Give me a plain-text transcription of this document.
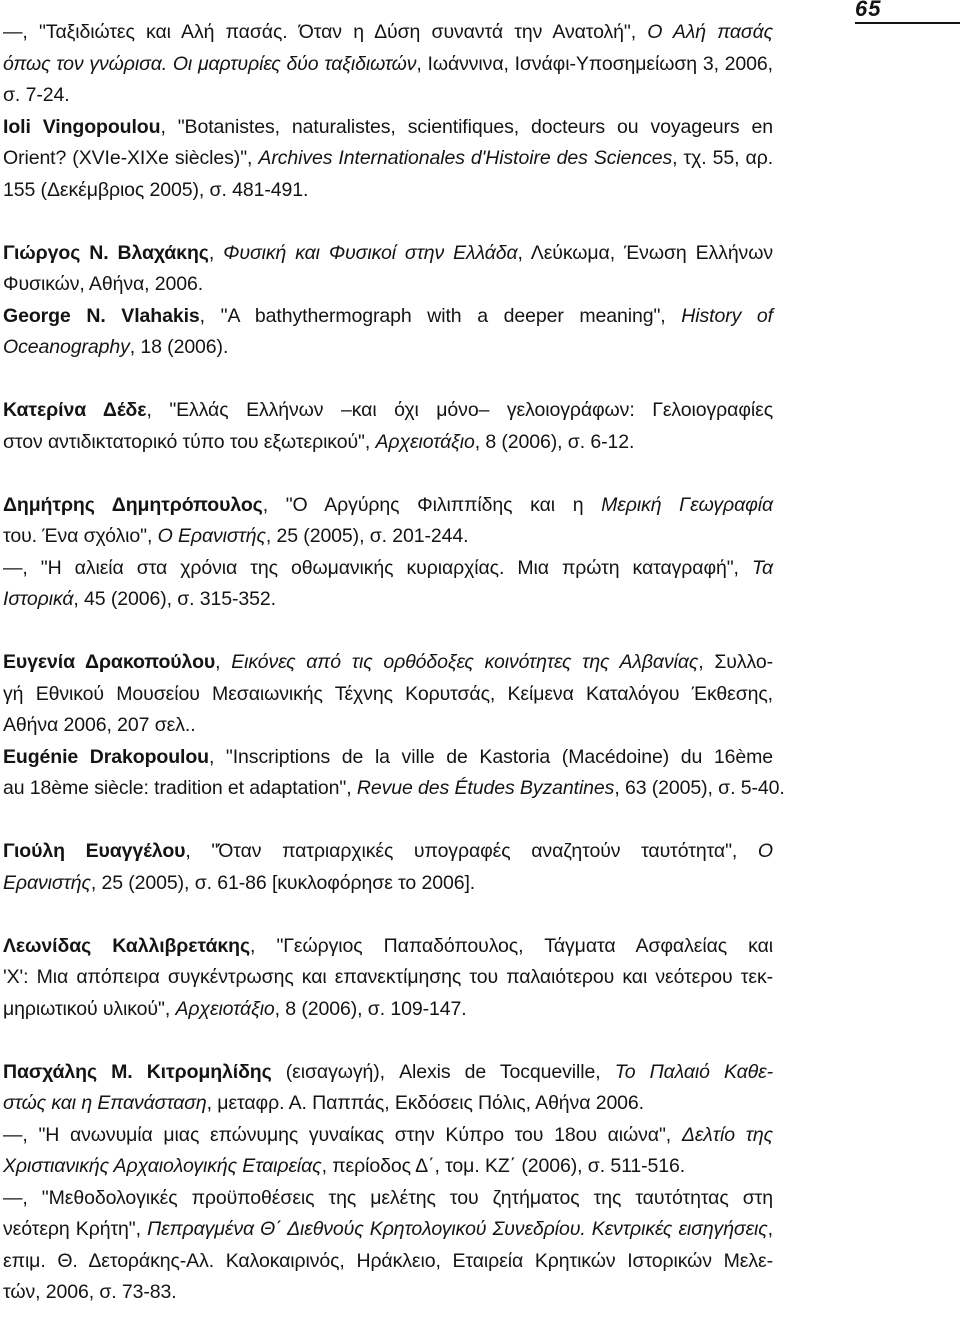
65
—, "Ταξιδιώτες και Αλή πασάς. Όταν η Δύση συναντά την Ανατολή", Ο Αλή πασάς
όπως τον γνώρισα. Οι μαρτυρίες δύο ταξιδιωτών, Ιωάννινα, Ισνάφι-Υποσημείωση 3, 2006,
σ. 7-24.
Ioli Vingopoulou, "Botanistes, naturalistes, scientifiques, docteurs ou voyageurs en
Orient? (XVIe-XIXe siècles)", Archives Internationales d'Histoire des Sciences, τχ. 55, αρ.
155 (Δεκέμβριος 2005), σ. 481-491.
Γιώργος Ν. Βλαχάκης, Φυσική και Φυσικοί στην Ελλάδα, Λεύκωμα, Ένωση Ελλήνων
Φυσικών, Αθήνα, 2006.
George N. Vlahakis, "A bathythermograph with a deeper meaning", History of
Oceanography, 18 (2006).
Κατερίνα Δέδε, "Ελλάς Ελλήνων –και όχι μόνο– γελοιογράφων: Γελοιογραφίες
στον αντιδικτατορικό τύπο του εξωτερικού", Αρχειοτάξιο, 8 (2006), σ. 6-12.
Δημήτρης Δημητρόπουλος, "Ο Αργύρης Φιλιππίδης και η Μερική Γεωγραφία
του. Ένα σχόλιο", Ο Ερανιστής, 25 (2005), σ. 201-244.
—, "Η αλιεία στα χρόνια της οθωμανικής κυριαρχίας. Μια πρώτη καταγραφή", Τα
Ιστορικά, 45 (2006), σ. 315-352.
Ευγενία Δρακοπούλου, Εικόνες από τις ορθόδοξες κοινότητες της Αλβανίας, Συλλο-
γή Εθνικού Μουσείου Μεσαιωνικής Τέχνης Κορυτσάς, Κείμενα Καταλόγου Έκθεσης,
Αθήνα 2006, 207 σελ..
Eugénie Drakopoulou, "Inscriptions de la ville de Kastoria (Macédoine) du 16ème
au 18ème siècle: tradition et adaptation", Revue des Études Byzantines, 63 (2005), σ. 5-40.
Γιούλη Ευαγγέλου, "Όταν πατριαρχικές υπογραφές αναζητούν ταυτότητα", Ο
Ερανιστής, 25 (2005), σ. 61-86 [κυκλοφόρησε το 2006].
Λεωνίδας Καλλιβρετάκης, "Γεώργιος Παπαδόπουλος, Τάγματα Ασφαλείας και
'Χ': Μια απόπειρα συγκέντρωσης και επανεκτίμησης του παλαιότερου και νεότερου τεκ-
μηριωτικού υλικού", Αρχειοτάξιο, 8 (2006), σ. 109-147.
Πασχάλης Μ. Κιτρομηλίδης (εισαγωγή), Alexis de Tocqueville, Το Παλαιό Καθε-
στώς και η Επανάσταση, μεταφρ. Α. Παππάς, Εκδόσεις Πόλις, Αθήνα 2006.
—, "Η ανωνυμία μιας επώνυμης γυναίκας στην Κύπρο του 18ου αιώνα", Δελτίο της
Χριστιανικής Αρχαιολογικής Εταιρείας, περίοδος Δ΄, τομ. ΚΖ΄ (2006), σ. 511-516.
—, "Μεθοδολογικές προϋποθέσεις της μελέτης του ζητήματος της ταυτότητας στη
νεότερη Κρήτη", Πεπραγμένα Θ΄ Διεθνούς Κρητολογικού Συνεδρίου. Κεντρικές εισηγήσεις,
επιμ. Θ. Δετοράκης-Αλ. Καλοκαιρινός, Ηράκλειο, Εταιρεία Κρητικών Ιστορικών Μελε-
τών, 2006, σ. 73-83.
